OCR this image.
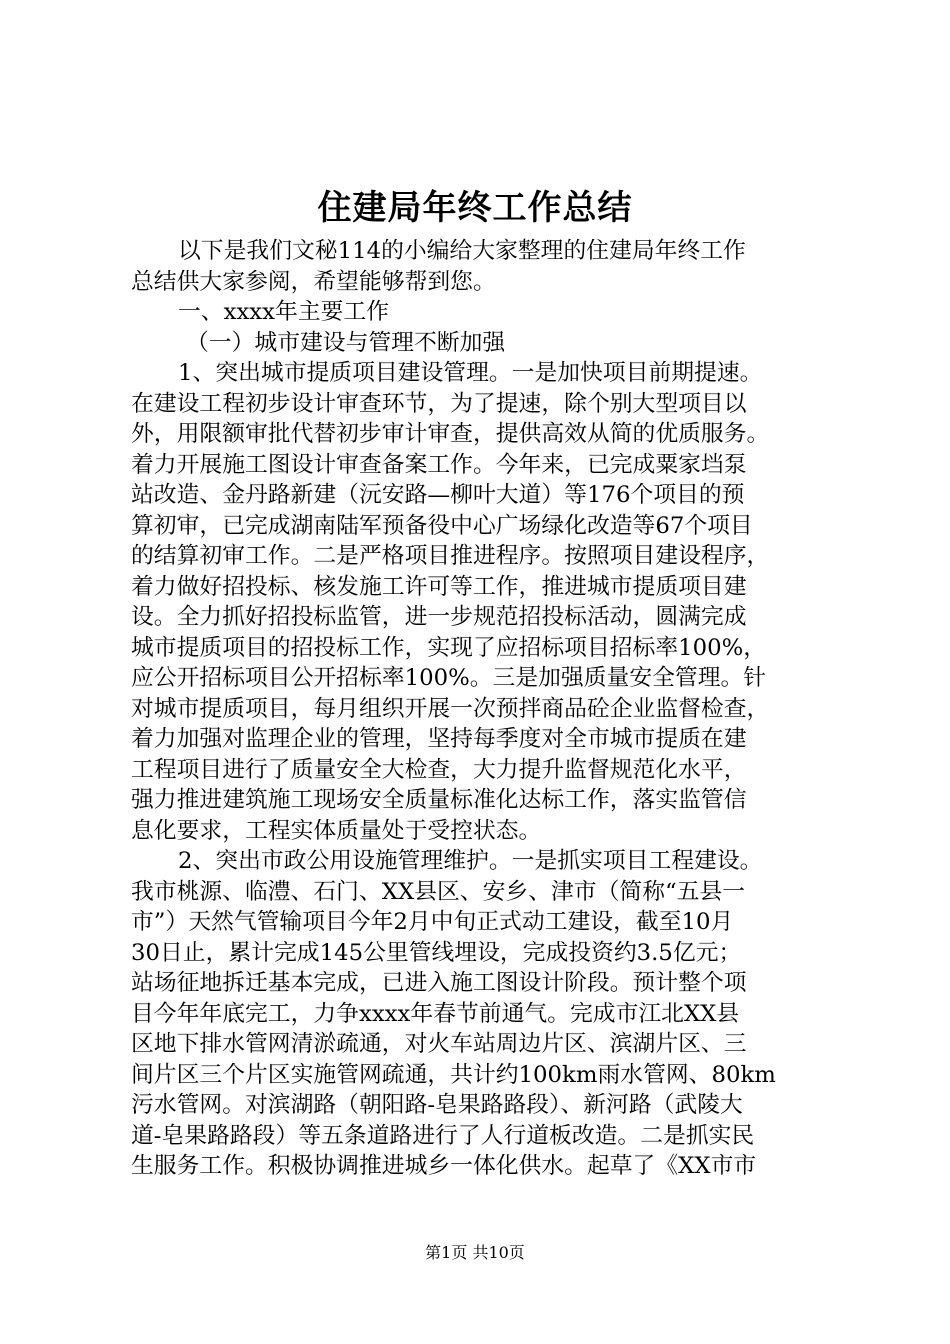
住建局年终工作总结
以下是我们文秘114的小编给大家整理的住建局年终工作
总结供大家参阅，希望能够帮到您。
一、xxxx年主要工作
（一）城市建设与管理不断加强
1、突出城市提质项目建设管理。一是加快项目前期提速。
在建设工程初步设计审查环节，为了提速，除个别大型项目以
外，用限额审批代替初步审计审查，提供高效从简的优质服务。
着力开展施工图设计审查备案工作。今年来，已完成粟家垱泵
站改造、金丹路新建（沅安路—柳叶大道）等176个项目的预
算初审，已完成湖南陆军预备役中心广场绿化改造等67个项目
的结算初审工作。二是严格项目推进程序。按照项目建设程序，
着力做好招投标、核发施工许可等工作，推进城市提质项目建
设。全力抓好招投标监管，进一步规范招投标活动，圆满完成
城市提质项目的招投标工作，实现了应招标项目招标率100%，
应公开招标项目公开招标率100%。三是加强质量安全管理。针
对城市提质项目，每月组织开展一次预拌商品砼企业监督检查，
着力加强对监理企业的管理，坚持每季度对全市城市提质在建
工程项目进行了质量安全大检查，大力提升监督规范化水平，
强力推进建筑施工现场安全质量标准化达标工作，落实监管信
息化要求，工程实体质量处于受控状态。
2、突出市政公用设施管理维护。一是抓实项目工程建设。
我市桃源、临澧、石门、XX县区、安乡、津市（简称“五县一
市”）天然气管输项目今年2月中旬正式动工建设，截至10月
30日止，累计完成145公里管线埋设，完成投资约3.5亿元；
站场征地拆迁基本完成，已进入施工图设计阶段。预计整个项
目今年年底完工，力争xxxx年春节前通气。完成市江北XX县
区地下排水管网清淤疏通，对火车站周边片区、滨湖片区、三
间片区三个片区实施管网疏通，共计约100km雨水管网、80km
污水管网。对滨湖路（朝阳路-皂果路路段）、新河路（武陵大
道-皂果路路段）等五条道路进行了人行道板改造。二是抓实民
生服务工作。积极协调推进城乡一体化供水。起草了《XX市市
第1页 共10页
